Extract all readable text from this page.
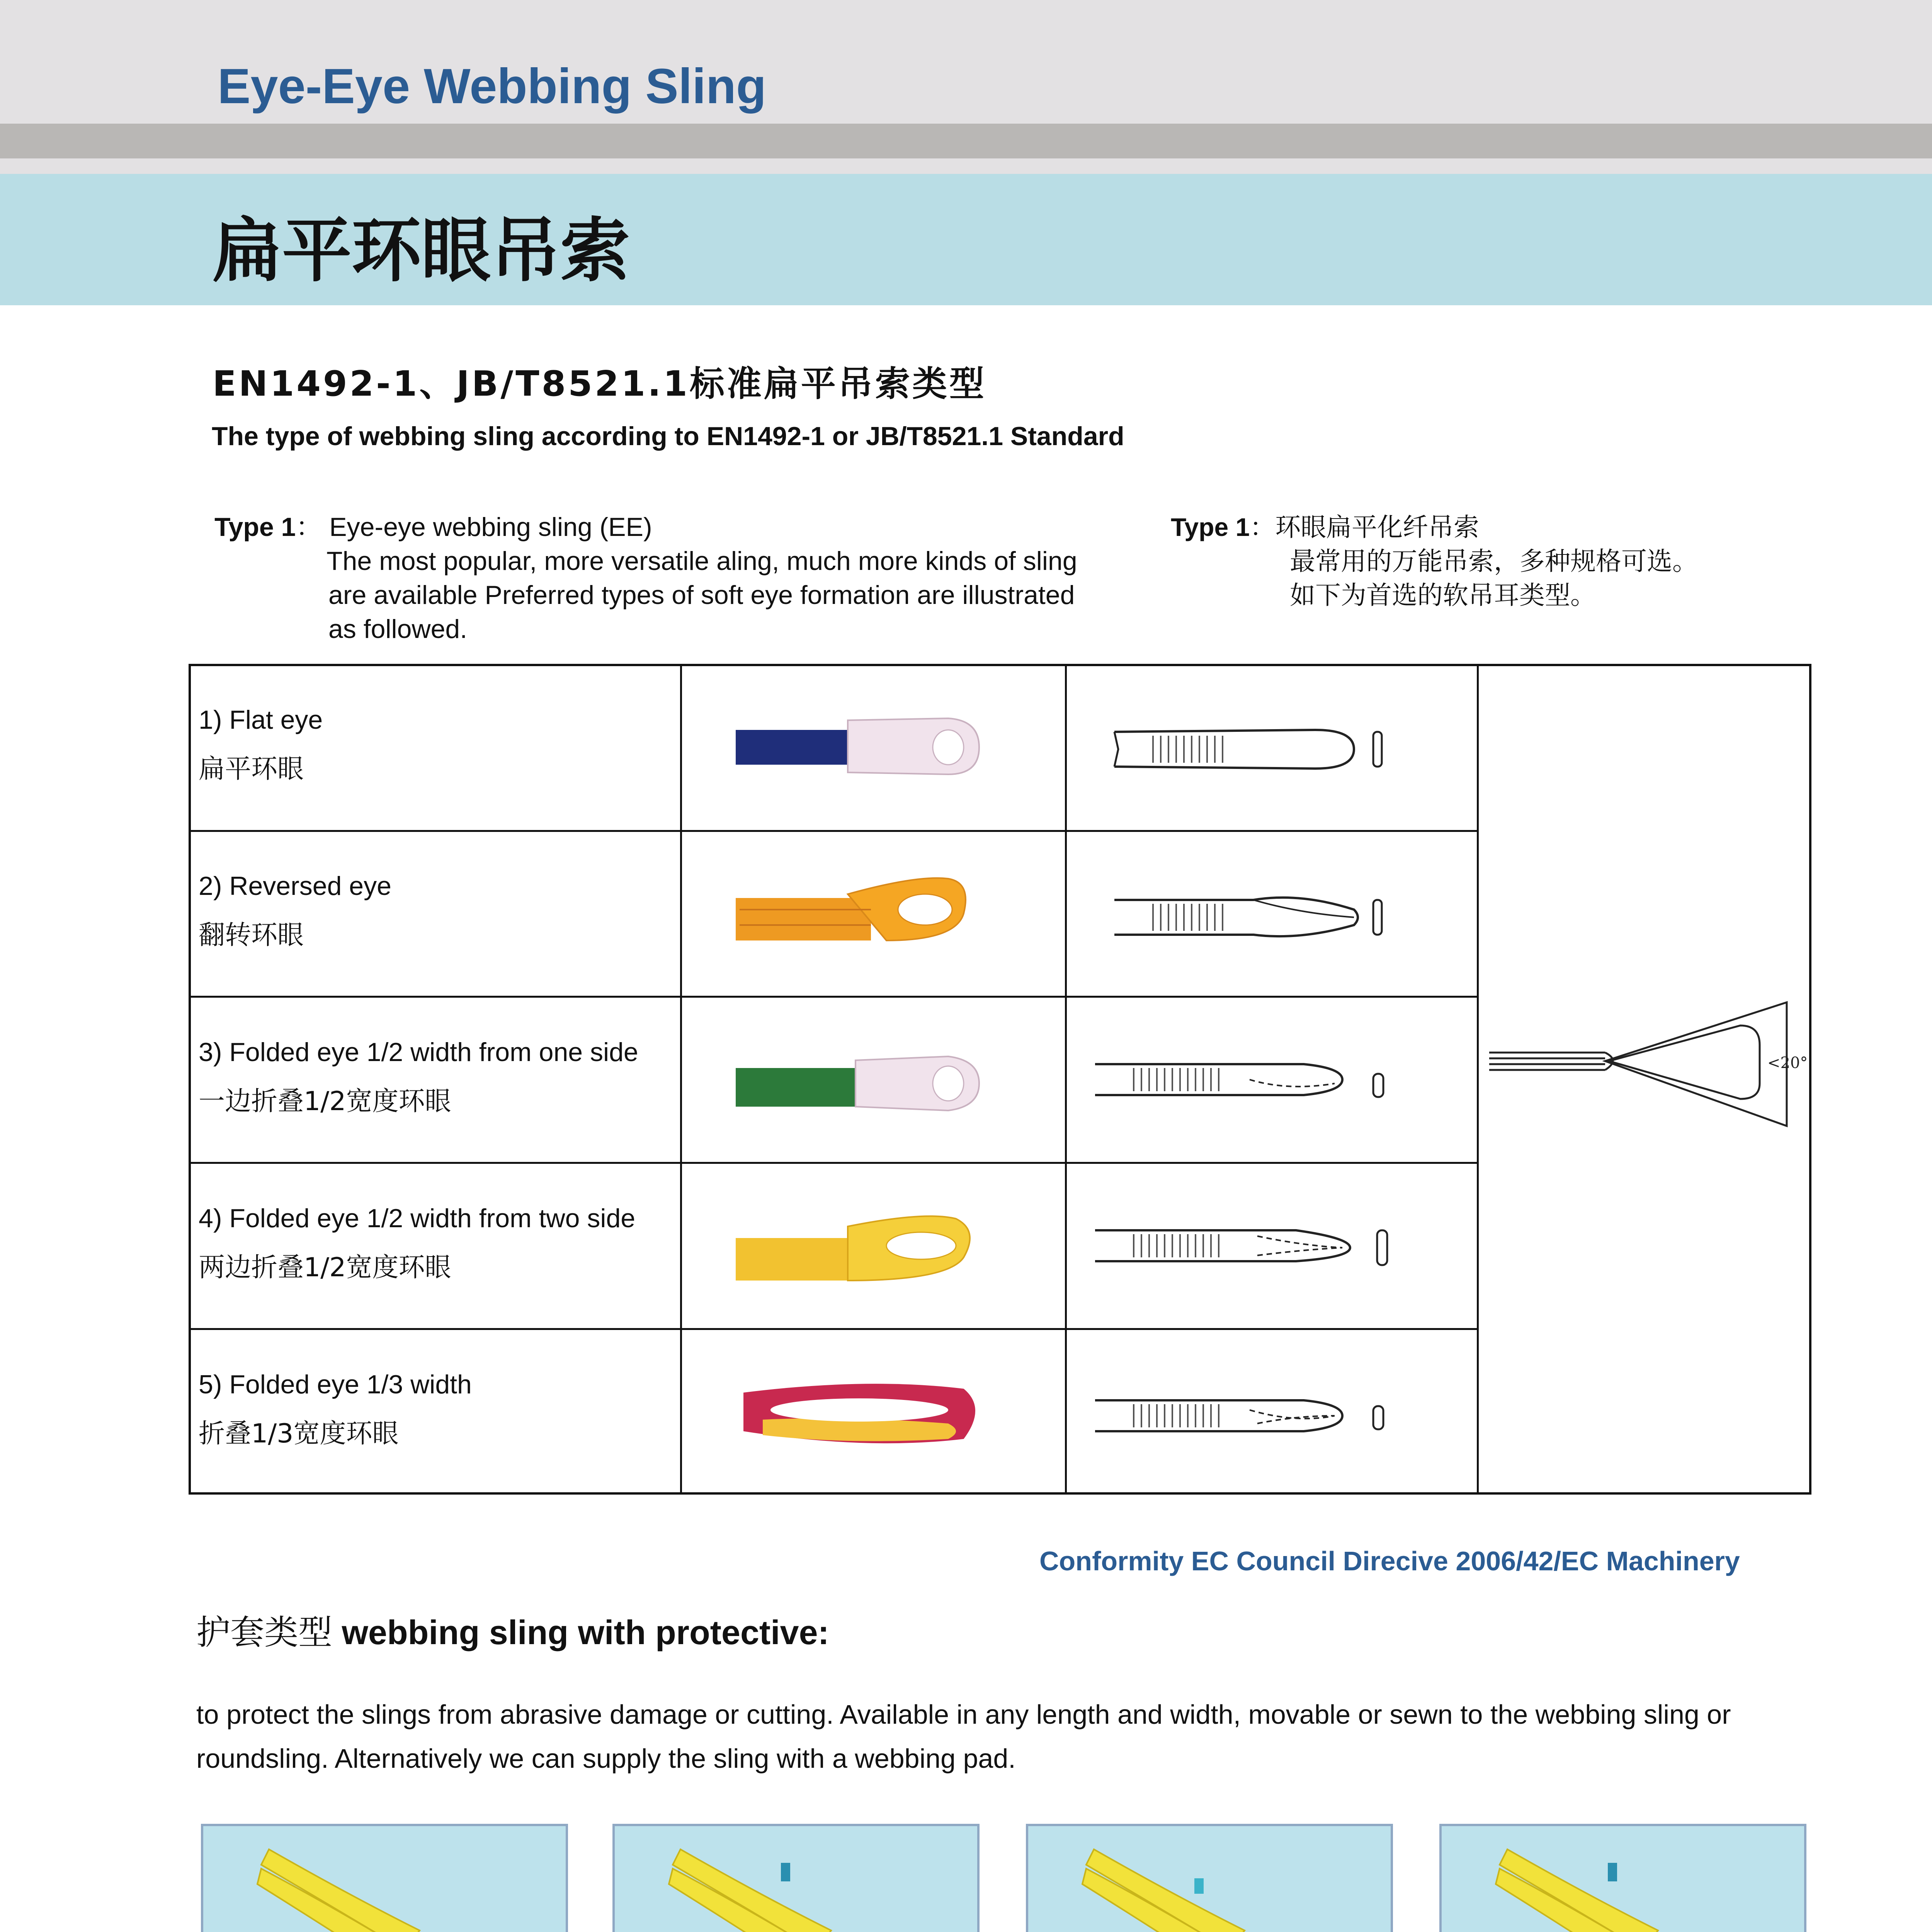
Eye-Eye Webbing Sling
扁平环眼吊索
EN1492-1、JB/T8521.1标准扁平吊索类型
The type of webbing sling according to EN1492-1 or JB/T8521.1 Standard
Type 1： Eye-eye webbing sling (EE)
The most popular, more versatile aling, much more kinds of sling
are available Preferred types of soft eye formation are illustrated
as followed.
Type 1：环眼扁平化纤吊索
最常用的万能吊索，多种规格可选。
如下为首选的软吊耳类型。
1) Flat eye
扁平环眼
2) Reversed eye
翻转环眼
3) Folded eye 1/2 width from one side
一边折叠1/2宽度环眼
4) Folded eye 1/2 width from two side
两边折叠1/2宽度环眼
5) Folded eye 1/3 width
折叠1/3宽度环眼
<20°
Conformity EC Council Direcive 2006/42/EC Machinery
护套类型 webbing sling with protective:
to protect the slings from abrasive damage or cutting. Available in any length and width, movable or sewn to the webbing sling or roundsling. Alternatively we can supply the sling with a webbing pad.
